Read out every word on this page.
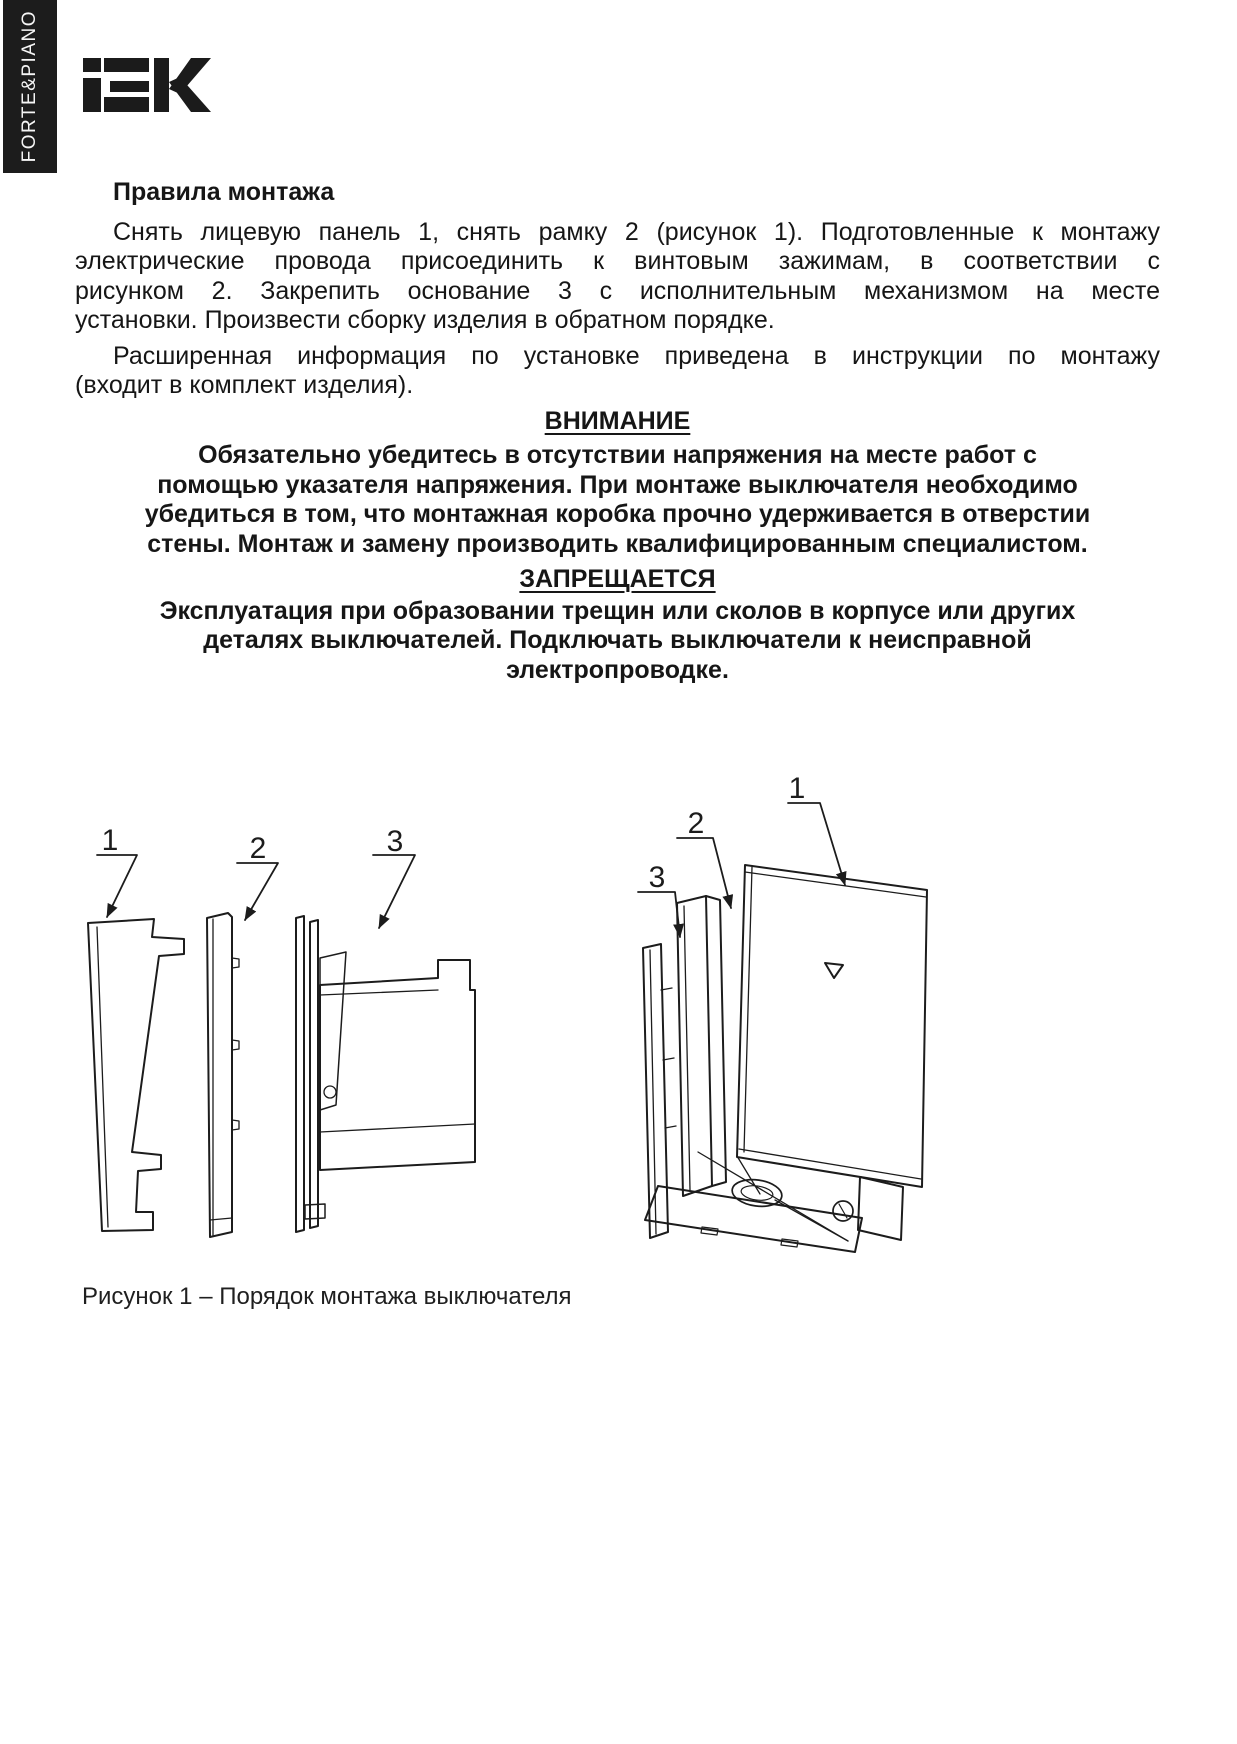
FORTE&PIANO
Правила монтажа
Снять лицевую панель 1, снять рамку 2 (рисунок 1). Подготовленные к монтажу
электрические провода присоединить к винтовым зажимам, в соответствии с
рисунком 2. Закрепить основание 3 с исполнительным механизмом на месте
установки. Произвести сборку изделия в обратном порядке.
Расширенная информация по установке приведена в инструкции по монтажу
(входит в комплект изделия).
ВНИМАНИЕ
Обязательно убедитесь в отсутствии напряжения на месте работ с
помощью указателя напряжения. При монтаже выключателя необходимо
убедиться в том, что монтажная коробка прочно удерживается в отверстии
стены. Монтаж и замену производить квалифицированным специалистом.
ЗАПРЕЩАЕТСЯ
Эксплуатация при образовании трещин или сколов в корпусе или других
деталях выключателей. Подключать выключатели к неисправной
электропроводке.
1	2	3
1
2
3
Рисунок 1 – Порядок монтажа выключателя
